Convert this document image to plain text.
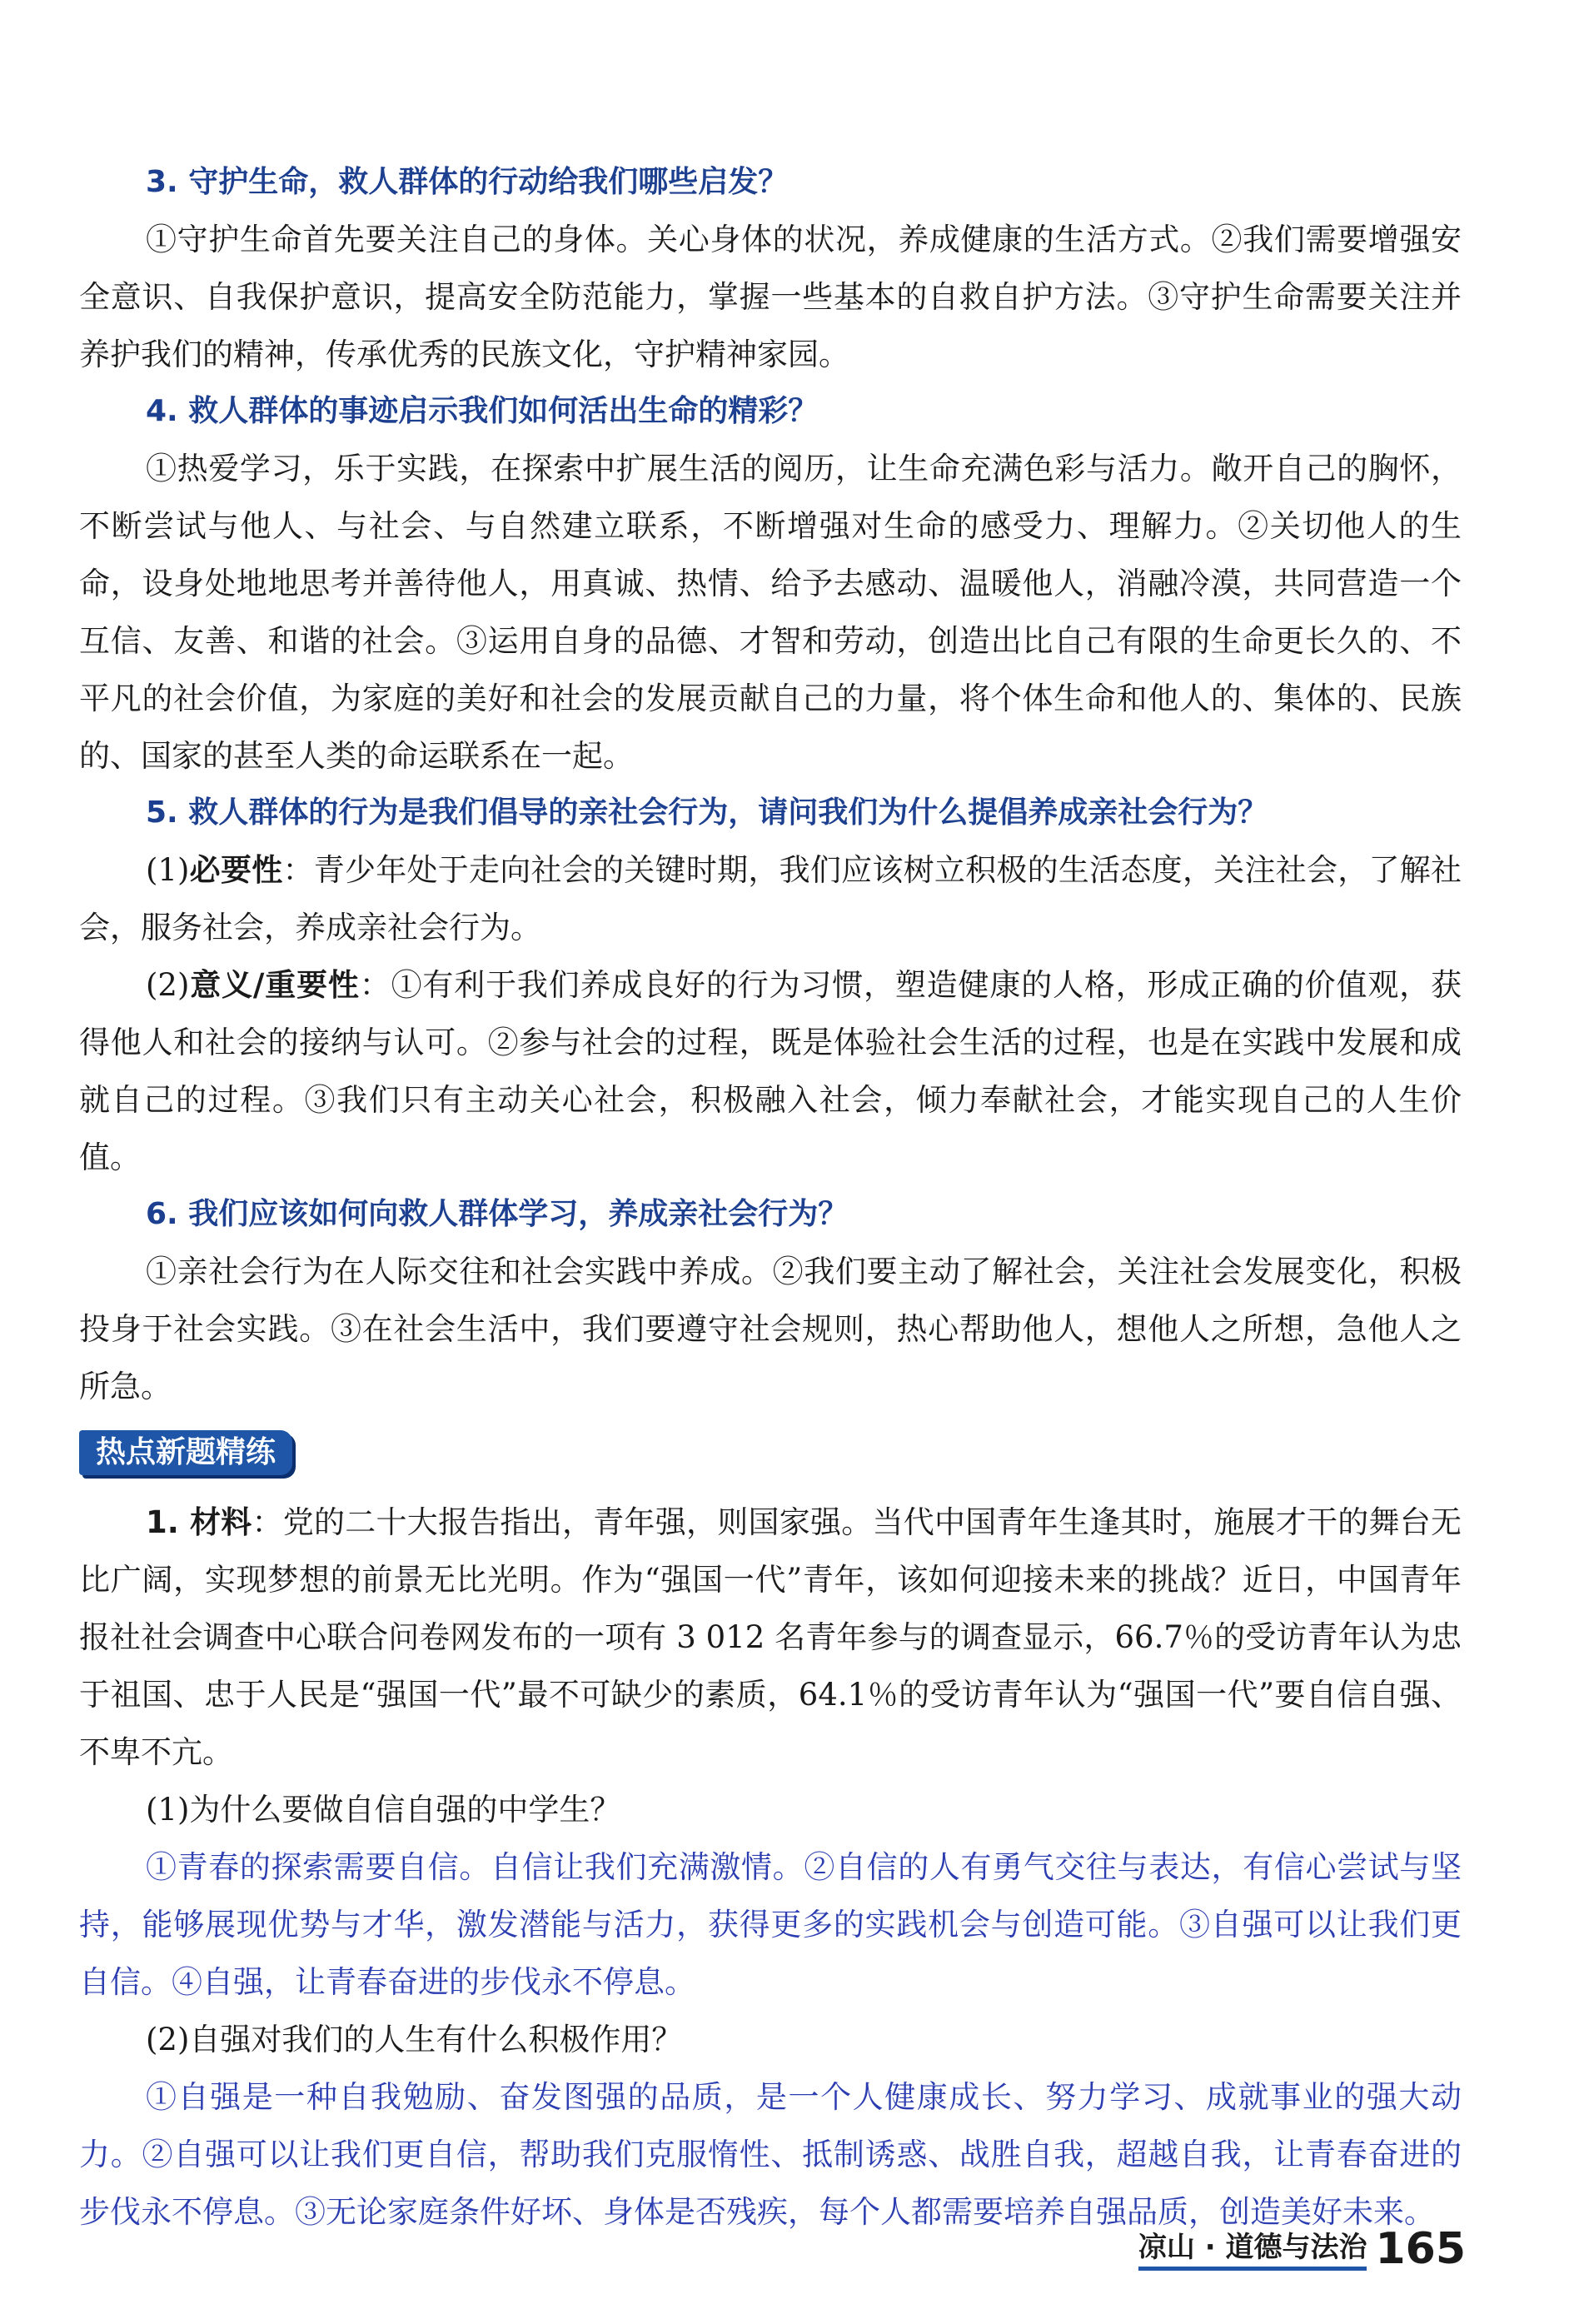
3. 守护生命，救人群体的行动给我们哪些启发？

①守护生命首先要关注自己的身体。关心身体的状况，养成健康的生活方式。②我们需要增强安全意识、自我保护意识，提高安全防范能力，掌握一些基本的自救自护方法。③守护生命需要关注并养护我们的精神，传承优秀的民族文化，守护精神家园。

4. 救人群体的事迹启示我们如何活出生命的精彩？

①热爱学习，乐于实践，在探索中扩展生活的阅历，让生命充满色彩与活力。敞开自己的胸怀，不断尝试与他人、与社会、与自然建立联系，不断增强对生命的感受力、理解力。②关切他人的生命，设身处地地思考并善待他人，用真诚、热情、给予去感动、温暖他人，消融冷漠，共同营造一个互信、友善、和谐的社会。③运用自身的品德、才智和劳动，创造出比自己有限的生命更长久的、不平凡的社会价值，为家庭的美好和社会的发展贡献自己的力量，将个体生命和他人的、集体的、民族的、国家的甚至人类的命运联系在一起。

5. 救人群体的行为是我们倡导的亲社会行为，请问我们为什么提倡养成亲社会行为？

(1)必要性：青少年处于走向社会的关键时期，我们应该树立积极的生活态度，关注社会，了解社会，服务社会，养成亲社会行为。

(2)意义/重要性：①有利于我们养成良好的行为习惯，塑造健康的人格，形成正确的价值观，获得他人和社会的接纳与认可。②参与社会的过程，既是体验社会生活的过程，也是在实践中发展和成就自己的过程。③我们只有主动关心社会，积极融入社会，倾力奉献社会，才能实现自己的人生价值。

6. 我们应该如何向救人群体学习，养成亲社会行为？

①亲社会行为在人际交往和社会实践中养成。②我们要主动了解社会，关注社会发展变化，积极投身于社会实践。③在社会生活中，我们要遵守社会规则，热心帮助他人，想他人之所想，急他人之所急。

热点新题精练

1. 材料：党的二十大报告指出，青年强，则国家强。当代中国青年生逢其时，施展才干的舞台无比广阔，实现梦想的前景无比光明。作为“强国一代”青年，该如何迎接未来的挑战？近日，中国青年报社社会调查中心联合问卷网发布的一项有 3 012 名青年参与的调查显示，66.7％的受访青年认为忠于祖国、忠于人民是“强国一代”最不可缺少的素质，64.1％的受访青年认为“强国一代”要自信自强、不卑不亢。

(1)为什么要做自信自强的中学生？

①青春的探索需要自信。自信让我们充满激情。②自信的人有勇气交往与表达，有信心尝试与坚持，能够展现优势与才华，激发潜能与活力，获得更多的实践机会与创造可能。③自强可以让我们更自信。④自强，让青春奋进的步伐永不停息。

(2)自强对我们的人生有什么积极作用？

①自强是一种自我勉励、奋发图强的品质，是一个人健康成长、努力学习、成就事业的强大动力。②自强可以让我们更自信，帮助我们克服惰性、抵制诱惑、战胜自我，超越自我，让青春奋进的步伐永不停息。③无论家庭条件好坏、身体是否残疾，每个人都需要培养自强品质，创造美好未来。

凉山 · 道德与法治 165
